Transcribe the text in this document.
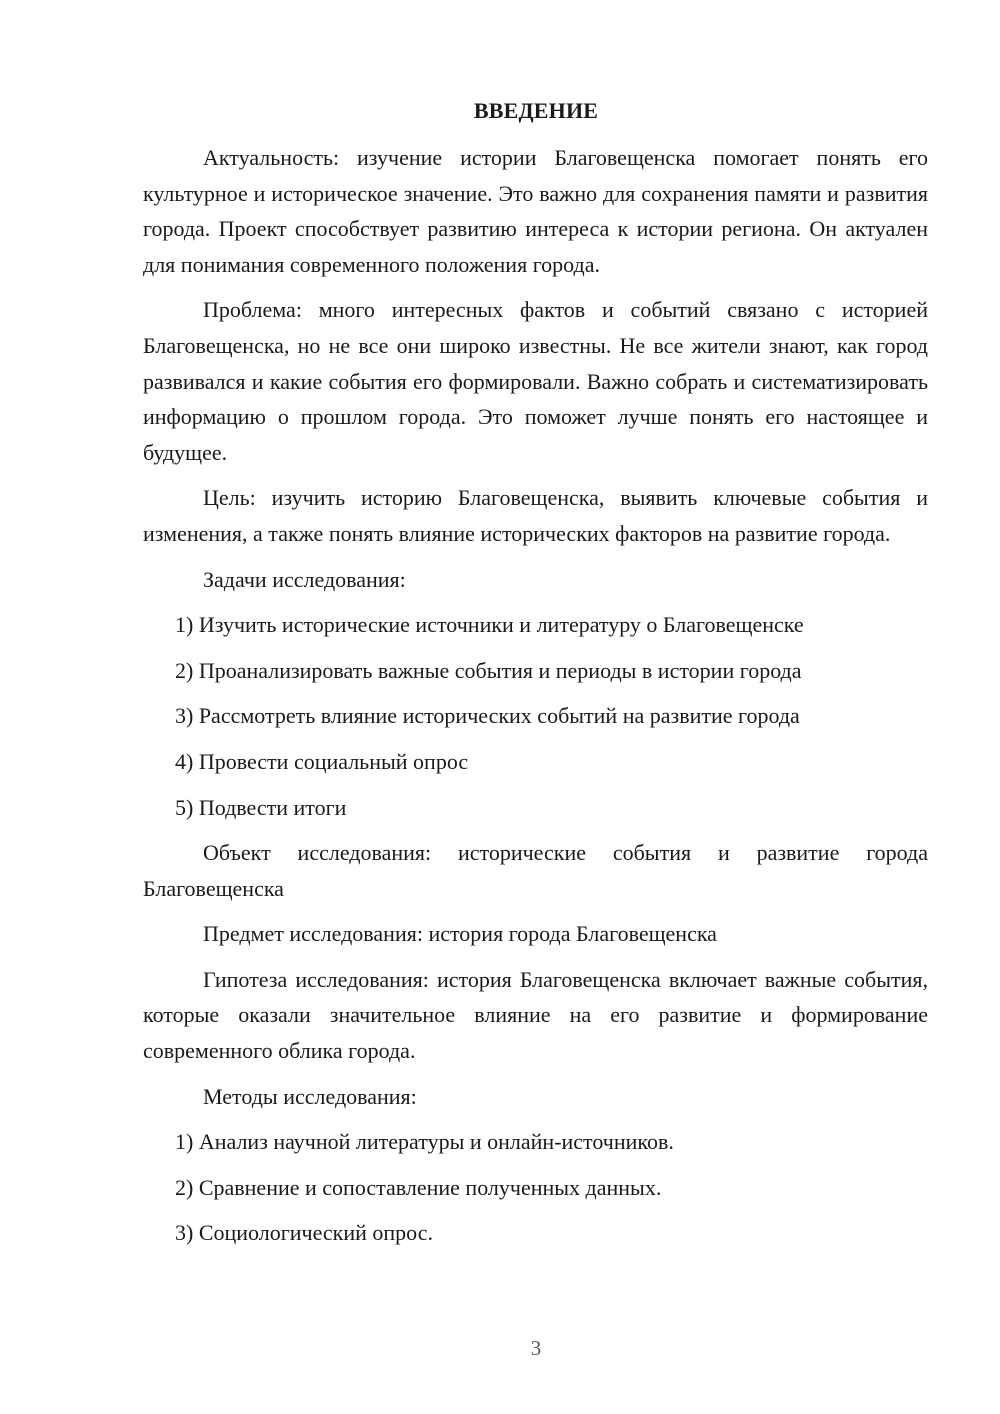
ВВЕДЕНИЕ

Актуальность: изучение истории Благовещенска помогает понять его культурное и историческое значение. Это важно для сохранения памяти и развития города. Проект способствует развитию интереса к истории региона. Он актуален для понимания современного положения города.

Проблема: много интересных фактов и событий связано с историей Благовещенска, но не все они широко известны. Не все жители знают, как город развивался и какие события его формировали. Важно собрать и систематизировать информацию о прошлом города. Это поможет лучше понять его настоящее и будущее.

Цель: изучить историю Благовещенска, выявить ключевые события и изменения, а также понять влияние исторических факторов на развитие города.

Задачи исследования:

1) Изучить исторические источники и литературу о Благовещенске

2) Проанализировать важные события и периоды в истории города

3) Рассмотреть влияние исторических событий на развитие города

4) Провести социальный опрос

5) Подвести итоги

Объект исследования: исторические события и развитие города Благовещенска

Предмет исследования: история города Благовещенска

Гипотеза исследования: история Благовещенска включает важные события, которые оказали значительное влияние на его развитие и формирование современного облика города.

Методы исследования:

1) Анализ научной литературы и онлайн-источников.

2) Сравнение и сопоставление полученных данных.

3) Социологический опрос.

3
